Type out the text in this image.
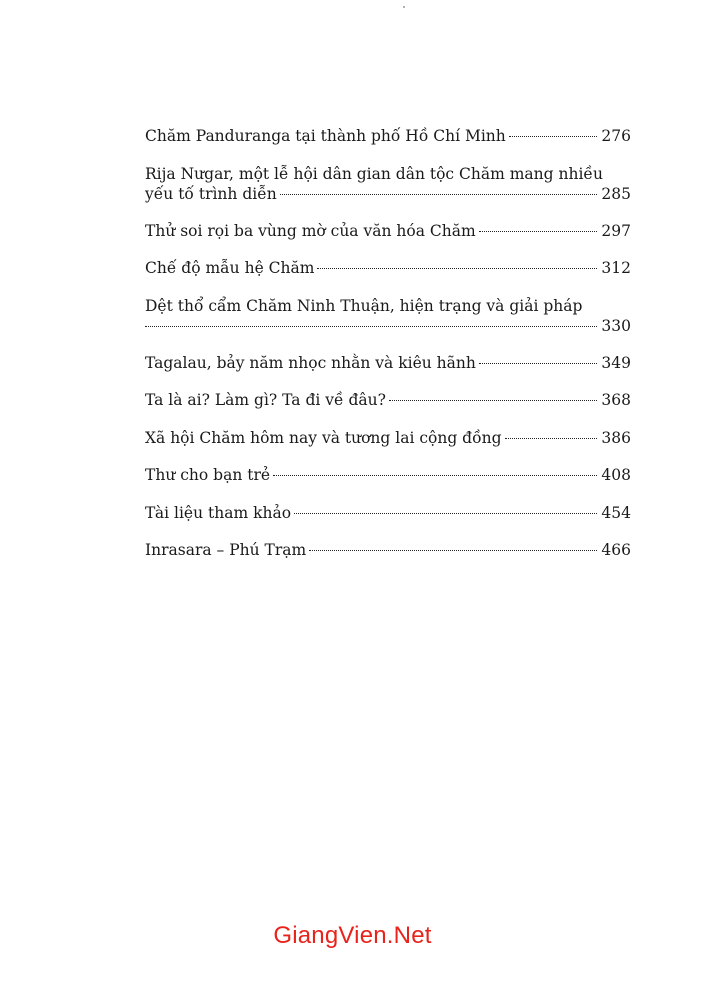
Chăm Panduranga tại thành phố Hồ Chí Minh	276
Rija Nưgar, một lễ hội dân gian dân tộc Chăm mang nhiều
yếu tố trình diễn	285
Thử soi rọi ba vùng mờ của văn hóa Chăm	297
Chế độ mẫu hệ Chăm	312
Dệt thổ cẩm Chăm Ninh Thuận, hiện trạng và giải pháp
330
Tagalau, bảy năm nhọc nhằn và kiêu hãnh	349
Ta là ai? Làm gì? Ta đi về đâu?	368
Xã hội Chăm hôm nay và tương lai cộng đồng	386
Thư cho bạn trẻ	408
Tài liệu tham khảo	454
Inrasara – Phú Trạm	466
GiangVien.Net
